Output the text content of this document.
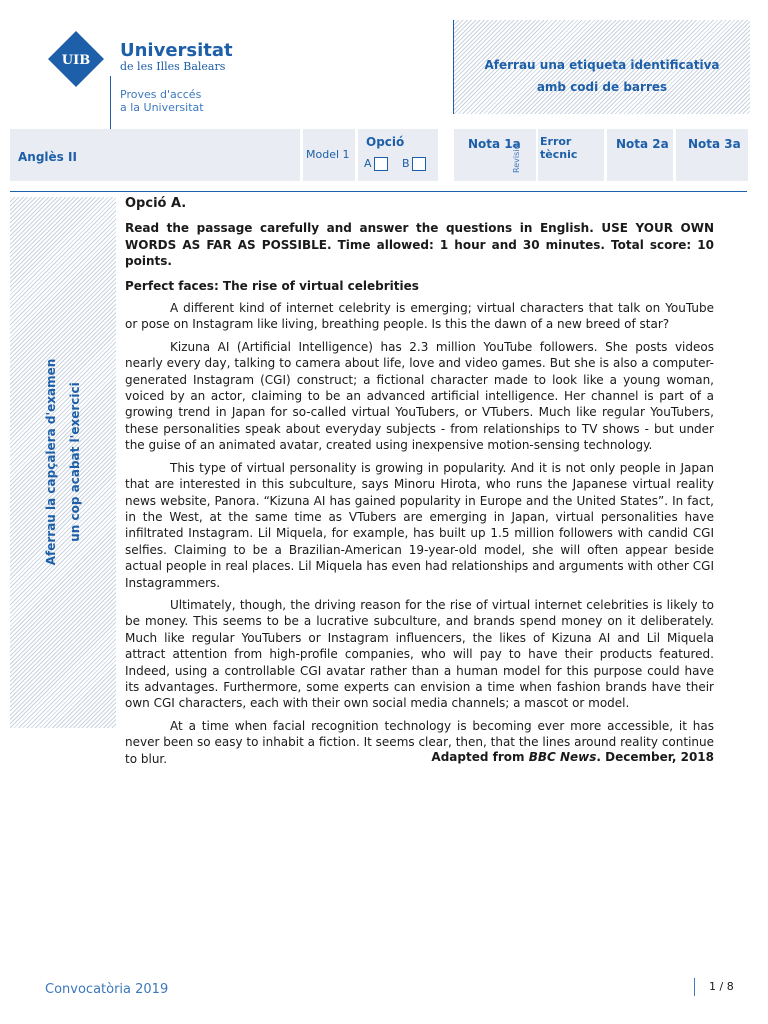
UIB Universitat
de les Illes Balears
Proves d'accés
a la Universitat
Aferrau una etiqueta identificativa
amb codi de barres
Anglès II	Model 1
Opció
A	B
Nota 1a
Revisió
Error tècnic
Nota 2a Nota 3a
Aferrau la capçalera d'examen un cop acabat l'exercici
Opció A.
Read the passage carefully and answer the questions in English. USE YOUR OWN WORDS AS FAR AS POSSIBLE. Time allowed: 1 hour and 30 minutes. Total score: 10 points.
Perfect faces: The rise of virtual celebrities

A different kind of internet celebrity is emerging; virtual characters that talk on YouTube or pose on Instagram like living, breathing people. Is this the dawn of a new breed of star?

Kizuna AI (Artificial Intelligence) has 2.3 million YouTube followers. She posts videos nearly every day, talking to camera about life, love and video games. But she is also a computer-generated Instagram (CGI) construct; a fictional character made to look like a young woman, voiced by an actor, claiming to be an advanced artificial intelligence. Her channel is part of a growing trend in Japan for so-called virtual YouTubers, or VTubers. Much like regular YouTubers, these personalities speak about everyday subjects - from relationships to TV shows - but under the guise of an animated avatar, created using inexpensive motion-sensing technology.

This type of virtual personality is growing in popularity. And it is not only people in Japan that are interested in this subculture, says Minoru Hirota, who runs the Japanese virtual reality news website, Panora. “Kizuna AI has gained popularity in Europe and the United States”. In fact, in the West, at the same time as VTubers are emerging in Japan, virtual personalities have infiltrated Instagram. Lil Miquela, for example, has built up 1.5 million followers with candid CGI selfies. Claiming to be a Brazilian-American 19-year-old model, she will often appear beside actual people in real places. Lil Miquela has even had relationships and arguments with other CGI Instagrammers.

Ultimately, though, the driving reason for the rise of virtual internet celebrities is likely to be money. This seems to be a lucrative subculture, and brands spend money on it deliberately. Much like regular YouTubers or Instagram influencers, the likes of Kizuna AI and Lil Miquela attract attention from high-profile companies, who will pay to have their products featured. Indeed, using a controllable CGI avatar rather than a human model for this purpose could have its advantages. Furthermore, some experts can envision a time when fashion brands have their own CGI characters, each with their own social media channels; a mascot or model.

At a time when facial recognition technology is becoming ever more accessible, it has never been so easy to inhabit a fiction. It seems clear, then, that the lines around reality continue to blur.	Adapted from BBC News. December, 2018
Convocatòria 2019	1 / 8
